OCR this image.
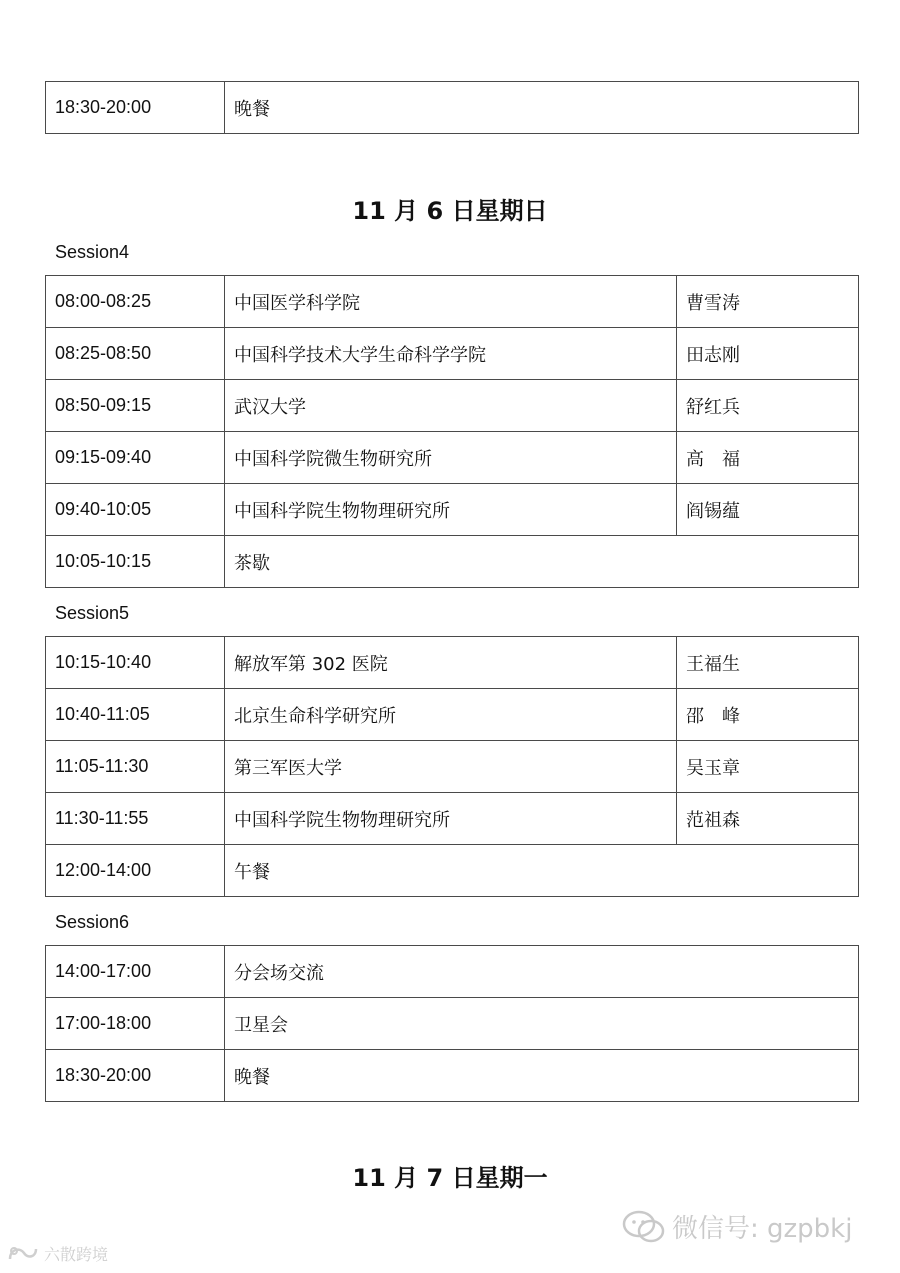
18:30-20:00	晚餐
11 月 6 日星期日
Session4
08:00-08:25	中国医学科学院	曹雪涛
08:25-08:50	中国科学技术大学生命科学学院	田志刚
08:50-09:15	武汉大学	舒红兵
09:15-09:40	中国科学院微生物研究所	高　福
09:40-10:05	中国科学院生物物理研究所	阎锡蕴
10:05-10:15	茶歇	
Session5
10:15-10:40	解放军第 302 医院	王福生
10:40-11:05	北京生命科学研究所	邵　峰
11:05-11:30	第三军医大学	吴玉章
11:30-11:55	中国科学院生物物理研究所	范祖森
12:00-14:00	午餐	
Session6
14:00-17:00	分会场交流
17:00-18:00	卫星会
18:30-20:00	晚餐
11 月 7 日星期一
微信号: gzpbkj
六散跨境
